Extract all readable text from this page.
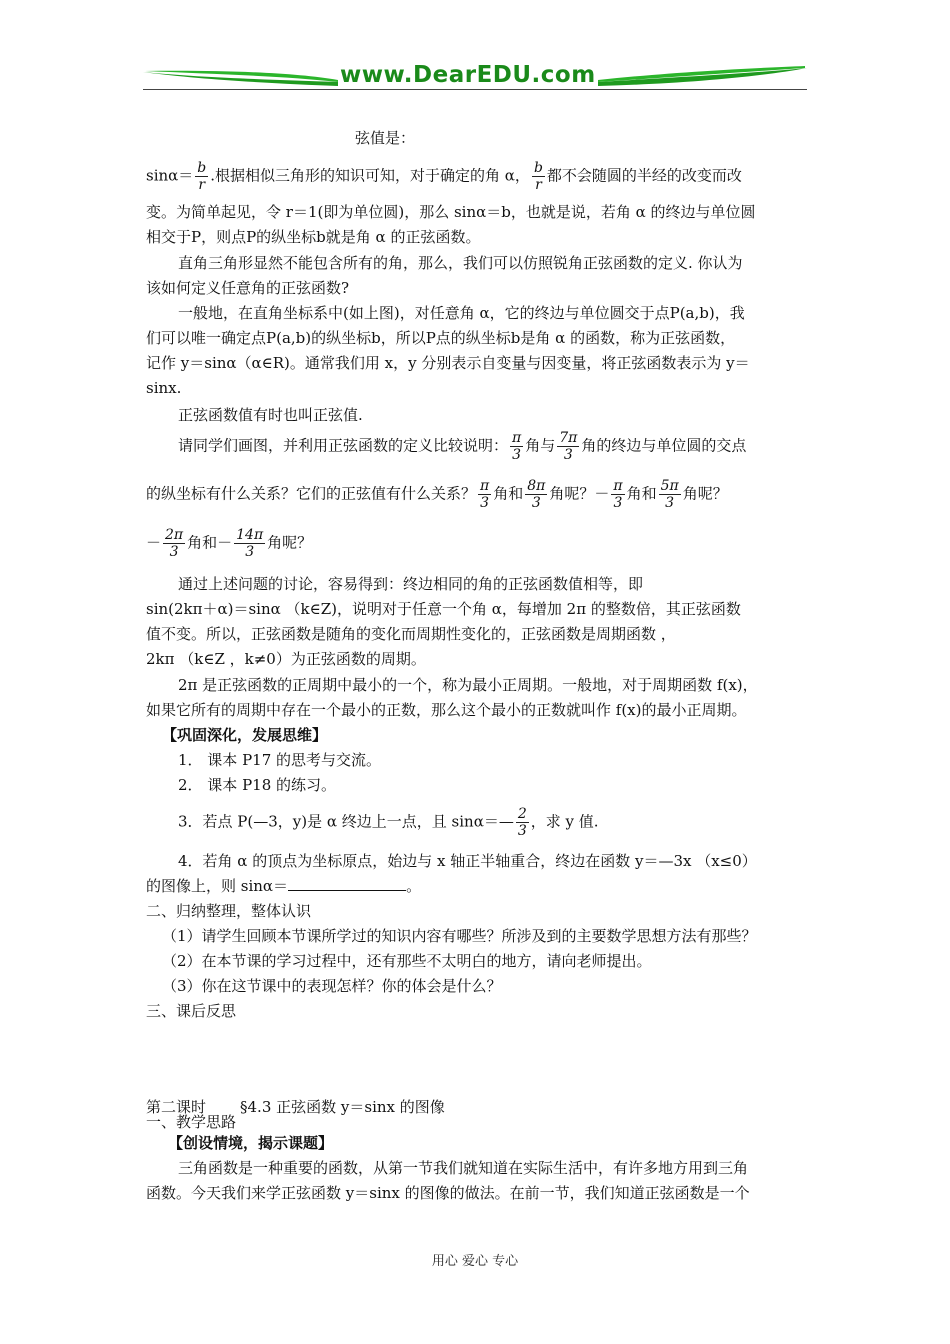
www.DearEDU.com
弦值是：
$\sin\alpha= \frac{b}{r}$ .根据相似三角形的知识可知，对于确定的角 α， $\frac{b}{r}$ 都不会随圆的半经的改变而改
变。为简单起见，令 r＝1(即为单位圆)，那么 sinα＝b，也就是说，若角 α 的终边与单位圆
相交于P，则点P的纵坐标b就是角 α 的正弦函数。
直角三角形显然不能包含所有的角，那么，我们可以仿照锐角正弦函数的定义. 你认为
该如何定义任意角的正弦函数?
一般地，在直角坐标系中(如上图)，对任意角 α，它的终边与单位圆交于点P(a,b)，我
们可以唯一确定点P(a,b)的纵坐标b，所以P点的纵坐标b是角 α 的函数，称为正弦函数，
记作 y＝sinα（α∈R)。通常我们用 x，y 分别表示自变量与因变量，将正弦函数表示为 y＝
sinx.
正弦函数值有时也叫正弦值.
请同学们画图，并利用正弦函数的定义比较说明： $\frac{\pi}{3}$ 角与 $\frac{7\pi}{3}$ 角的终边与单位圆的交点
的纵坐标有什么关系？它们的正弦值有什么关系？ $\frac{\pi}{3}$ 角和 $\frac{8\pi}{3}$ 角呢？－ $\frac{\pi}{3}$ 角和 $\frac{5\pi}{3}$ 角呢？
－ $\frac{2\pi}{3}$ 角和－ $\frac{14\pi}{3}$ 角呢？
通过上述问题的讨论，容易得到：终边相同的角的正弦函数值相等，即
sin(2kπ＋α)＝sinα （k∈Z)，说明对于任意一个角 α，每增加 2π 的整数倍，其正弦函数
值不变。所以，正弦函数是随角的变化而周期性变化的，正弦函数是周期函数 ，
2kπ （k∈Z ，k≠0）为正弦函数的周期。
2π 是正弦函数的正周期中最小的一个，称为最小正周期。一般地，对于周期函数 f(x)，
如果它所有的周期中存在一个最小的正数，那么这个最小的正数就叫作 f(x)的最小正周期。
【巩固深化，发展思维】
1． 课本 P17 的思考与交流。
2． 课本 P18 的练习。
3．若点 P(—3，y)是 α 终边上一点，且 sinα＝— $\frac{2}{3}$ ，求 y 值.
4．若角 α 的顶点为坐标原点，始边与 x 轴正半轴重合，终边在函数 y＝—3x （x≤0）
的图像上，则 sinα＝	。
二、归纳整理，整体认识
（1）请学生回顾本节课所学过的知识内容有哪些？所涉及到的主要数学思想方法有那些？
（2）在本节课的学习过程中，还有那些不太明白的地方，请向老师提出。
（3）你在这节课中的表现怎样？你的体会是什么？
三、课后反思
第二课时 §4.3 正弦函数 y＝sinx 的图像
一、教学思路
【创设情境，揭示课题】
三角函数是一种重要的函数，从第一节我们就知道在实际生活中，有许多地方用到三角
函数。今天我们来学正弦函数 y＝sinx 的图像的做法。在前一节，我们知道正弦函数是一个
用心 爱心 专心
